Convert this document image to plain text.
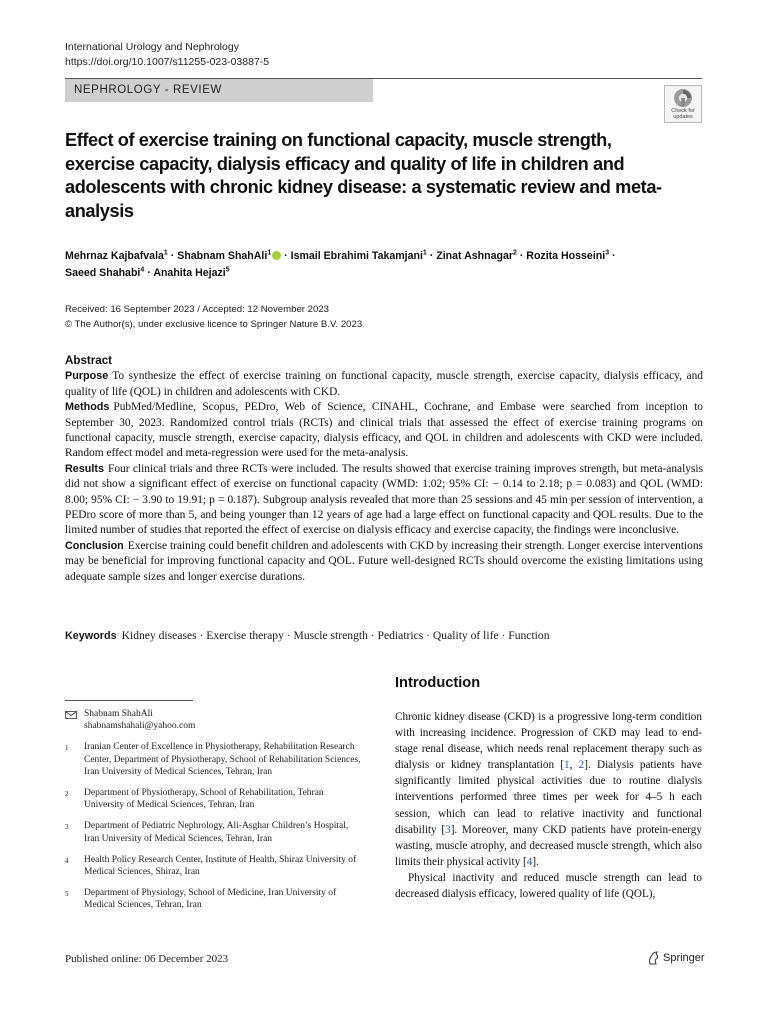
International Urology and Nephrology
https://doi.org/10.1007/s11255-023-03887-5
NEPHROLOGY - REVIEW
Check for
updates
Effect of exercise training on functional capacity, muscle strength, exercise capacity, dialysis efficacy and quality of life in children and adolescents with chronic kidney disease: a systematic review and meta-analysis
Mehrnaz Kajbafvala$^1$ · Shabnam ShahAli$^1$ · Ismail Ebrahimi Takamjani$^1$ · Zinat Ashnagar$^2$ · Rozita Hosseini$^3$ ·
Saeed Shahabi$^4$ · Anahita Hejazi$^5$
Received: 16 September 2023 / Accepted: 12 November 2023
© The Author(s), under exclusive licence to Springer Nature B.V. 2023
Abstract
Purpose To synthesize the effect of exercise training on functional capacity, muscle strength, exercise capacity, dialysis efficacy, and quality of life (QOL) in children and adolescents with CKD.
Methods PubMed/Medline, Scopus, PEDro, Web of Science, CINAHL, Cochrane, and Embase were searched from inception to September 30, 2023. Randomized control trials (RCTs) and clinical trials that assessed the effect of exercise training programs on functional capacity, muscle strength, exercise capacity, dialysis efficacy, and QOL in children and adolescents with CKD were included. Random effect model and meta-regression were used for the meta-analysis.
Results Four clinical trials and three RCTs were included. The results showed that exercise training improves strength, but meta-analysis did not show a significant effect of exercise on functional capacity (WMD: 1.02; 95% CI: − 0.14 to 2.18; p = 0.083) and QOL (WMD: 8.00; 95% CI: − 3.90 to 19.91; p = 0.187). Subgroup analysis revealed that more than 25 sessions and 45 min per session of intervention, a PEDro score of more than 5, and being younger than 12 years of age had a large effect on functional capacity and QOL results. Due to the limited number of studies that reported the effect of exercise on dialysis efficacy and exercise capacity, the findings were inconclusive.
Conclusion Exercise training could benefit children and adolescents with CKD by increasing their strength. Longer exercise interventions may be beneficial for improving functional capacity and QOL. Future well-designed RCTs should overcome the existing limitations using adequate sample sizes and longer exercise durations.
Keywords Kidney diseases · Exercise therapy · Muscle strength · Pediatrics · Quality of life · Function
Shabnam ShahAli
shabnamshahali@yahoo.com
1	Iranian Center of Excellence in Physiotherapy, Rehabilitation Research Center, Department of Physiotherapy, School of Rehabilitation Sciences, Iran University of Medical Sciences, Tehran, Iran
2	Department of Physiotherapy, School of Rehabilitation, Tehran University of Medical Sciences, Tehran, Iran
3	Department of Pediatric Nephrology, Ali-Asghar Children’s Hospital, Iran University of Medical Sciences, Tehran, Iran
4	Health Policy Research Center, Institute of Health, Shiraz University of Medical Sciences, Shiraz, Iran
5	Department of Physiology, School of Medicine, Iran University of Medical Sciences, Tehran, Iran
Introduction

Chronic kidney disease (CKD) is a progressive long-term condition with increasing incidence. Progression of CKD may lead to end-stage renal disease, which needs renal replacement therapy such as dialysis or kidney transplantation [1, 2]. Dialysis patients have significantly limited physical activities due to routine dialysis interventions performed three times per week for 4–5 h each session, which can lead to relative inactivity and functional disability [3]. Moreover, many CKD patients have protein-energy wasting, muscle atrophy, and decreased muscle strength, which also limits their physical activity [4].

Physical inactivity and reduced muscle strength can lead to decreased dialysis efficacy, lowered quality of life (QOL),

Published online: 06 December 2023	Springer
